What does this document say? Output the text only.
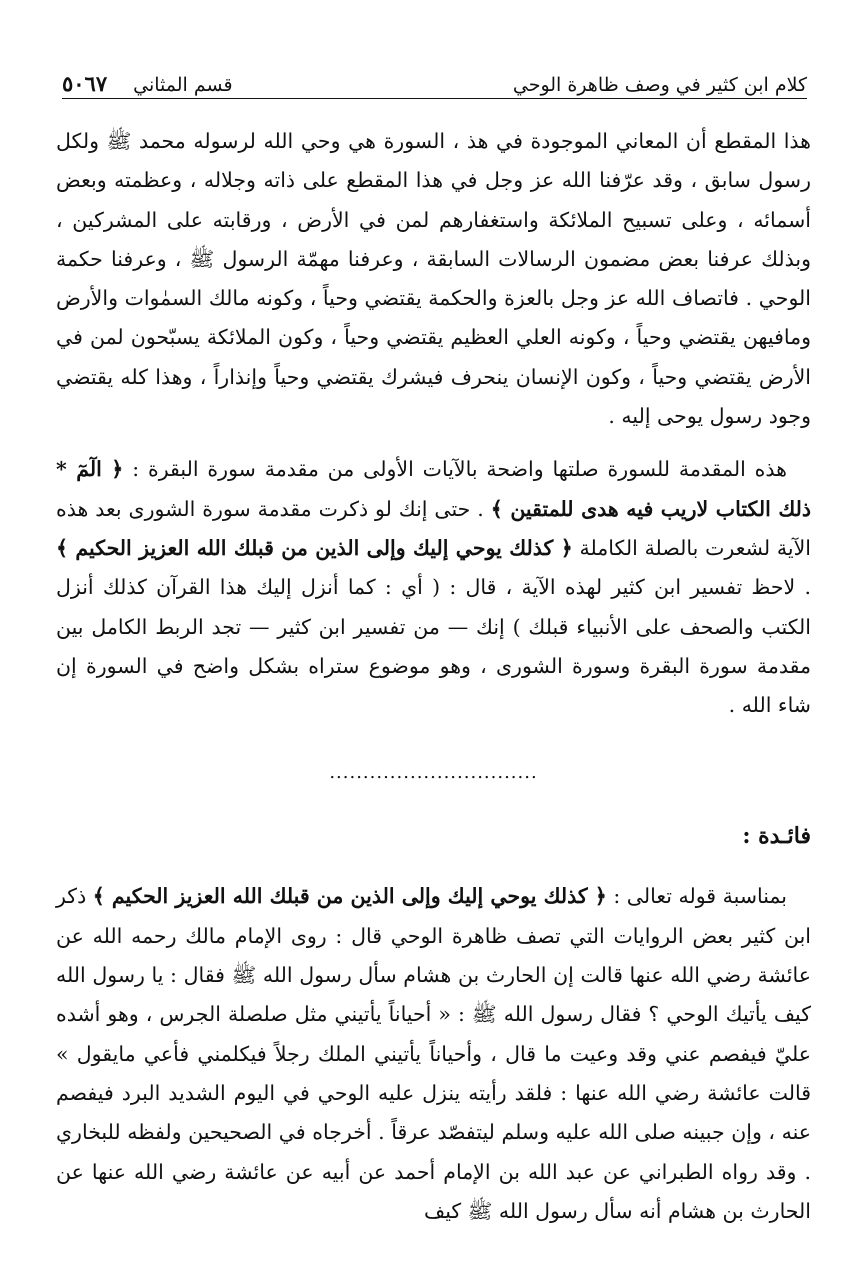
كلام ابن كثير في وصف ظاهرة الوحي
قسم المثاني
٥٠٦٧

هذا المقطع أن المعاني الموجودة في هذ ، السورة هي وحي الله لرسوله محمد ﷺ ولكل رسول سابق ، وقد عرّفنا الله عز وجل في هذا المقطع على ذاته وجلاله ، وعظمته وبعض أسمائه ، وعلى تسبيح الملائكة واستغفارهم لمن في الأرض ، ورقابته على المشركين ، وبذلك عرفنا بعض مضمون الرسالات السابقة ، وعرفنا مهمّة الرسول ﷺ ، وعرفنا حكمة الوحي . فاتصاف الله عز وجل بالعزة والحكمة يقتضي وحياً ، وكونه مالك السمٰوات والأرض ومافيهن يقتضي وحياً ، وكونه العلي العظيم يقتضي وحياً ، وكون الملائكة يسبّحون لمن في الأرض يقتضي وحياً ، وكون الإنسان ينحرف فيشرك يقتضي وحياً وإنذاراً ، وهذا كله يقتضي وجود رسول يوحى إليه .

هذه المقدمة للسورة صلتها واضحة بالآيات الأولى من مقدمة سورة البقرة : ﴿ الٓمٓ * ذلك الكتاب لاريب فيه هدى للمتقين ﴾ . حتى إنك لو ذكرت مقدمة سورة الشورى بعد هذه الآية لشعرت بالصلة الكاملة ﴿ كذلك يوحي إليك وإلى الذين من قبلك الله العزيز الحكيم ﴾ . لاحظ تفسير ابن كثير لهذه الآية ، قال : ( أي : كما أنزل إليك هذا القرآن كذلك أنزل الكتب والصحف على الأنبياء قبلك ) إنك — من تفسير ابن كثير — تجد الربط الكامل بين مقدمة سورة البقرة وسورة الشورى ، وهو موضوع ستراه بشكل واضح في السورة إن شاء الله .

...............................

فائـدة :

بمناسبة قوله تعالى : ﴿ كذلك يوحي إليك وإلى الذين من قبلك الله العزيز الحكيم ﴾ ذكر ابن كثير بعض الروايات التي تصف ظاهرة الوحي قال : روى الإمام مالك رحمه الله عن عائشة رضي الله عنها قالت إن الحارث بن هشام سأل رسول الله ﷺ فقال : يا رسول الله كيف يأتيك الوحي ؟ فقال رسول الله ﷺ : « أحياناً يأتيني مثل صلصلة الجرس ، وهو أشده عليّ فيفصم عني وقد وعيت ما قال ، وأحياناً يأتيني الملك رجلاً فيكلمني فأعي مايقول » قالت عائشة رضي الله عنها : فلقد رأيته ينزل عليه الوحي في اليوم الشديد البرد فيفصم عنه ، وإن جبينه صلى الله عليه وسلم ليتفصّد عرقاً . أخرجاه في الصحيحين ولفظه للبخاري . وقد رواه الطبراني عن عبد الله بن الإمام أحمد عن أبيه عن عائشة رضي الله عنها عن الحارث بن هشام أنه سأل رسول الله ﷺ كيف
